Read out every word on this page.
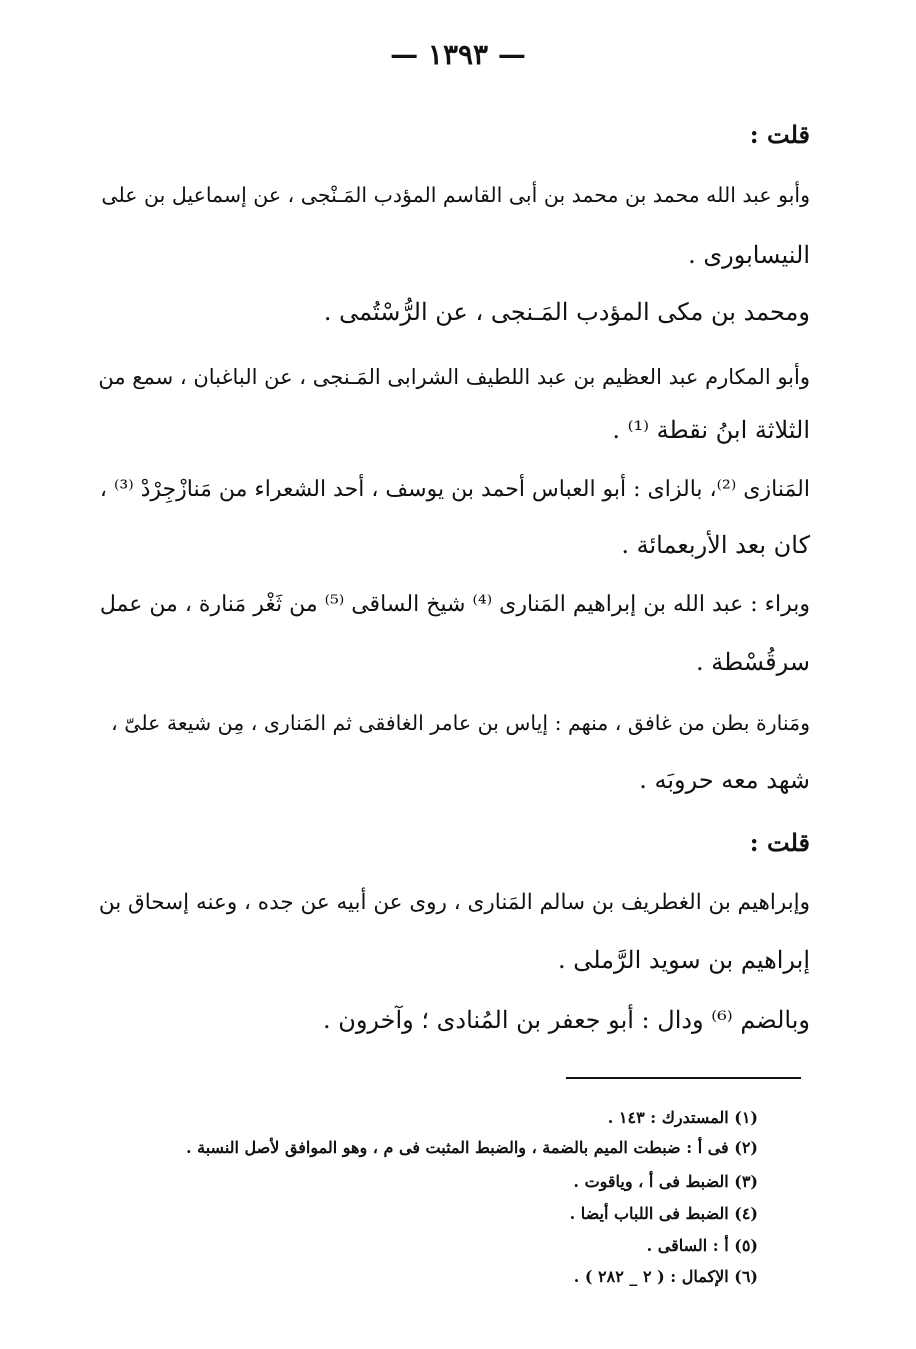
— ١٣٩٣ —
قلت :
وأبو عبد الله محمد بن محمد بن أبى القاسم المؤدب المَـنْجى ، عن إسماعيل بن على
النيسابورى .
ومحمد بن مكى المؤدب المَـنجى ، عن الرُّسْتُمى .
وأبو المكارم عبد العظيم بن عبد اللطيف الشرابى المَـنجى ، عن الباغبان ، سمع من
الثلاثة ابنُ نقطة ⁽¹⁾ .
المَنازى ⁽²⁾، بالزاى : أبو العباس أحمد بن يوسف ، أحد الشعراء من مَنازْجِرْدْ ⁽³⁾ ،
كان بعد الأربعمائة .
وبراء : عبد الله بن إبراهيم المَنارى ⁽⁴⁾ شيخ الساقى ⁽⁵⁾ من ثَغْر مَنارة ، من عمل
سرقُسْطة .
ومَنارة بطن من غافق ، منهم : إياس بن عامر الغافقى ثم المَنارى ، مِن شيعة علىّ ،
شهد معه حروبَه .
قلت :
وإبراهيم بن الغطريف بن سالم المَنارى ، روى عن أبيه عن جده ، وعنه إسحاق بن
إبراهيم بن سويد الرَّملى .
وبالضم ⁽⁶⁾ ودال : أبو جعفر بن المُنادى ؛ وآخرون .
(١) المستدرك : ١٤٣ .
(٢) فى أ : ضبطت الميم بالضمة ، والضبط المثبت فى م ، وهو الموافق لأصل النسبة .
(٣) الضبط فى أ ، وياقوت .
(٤) الضبط فى اللباب أيضا .
(٥) أ : الساقى .
(٦) الإكمال : ( ٢ _ ٢٨٢ ) .
